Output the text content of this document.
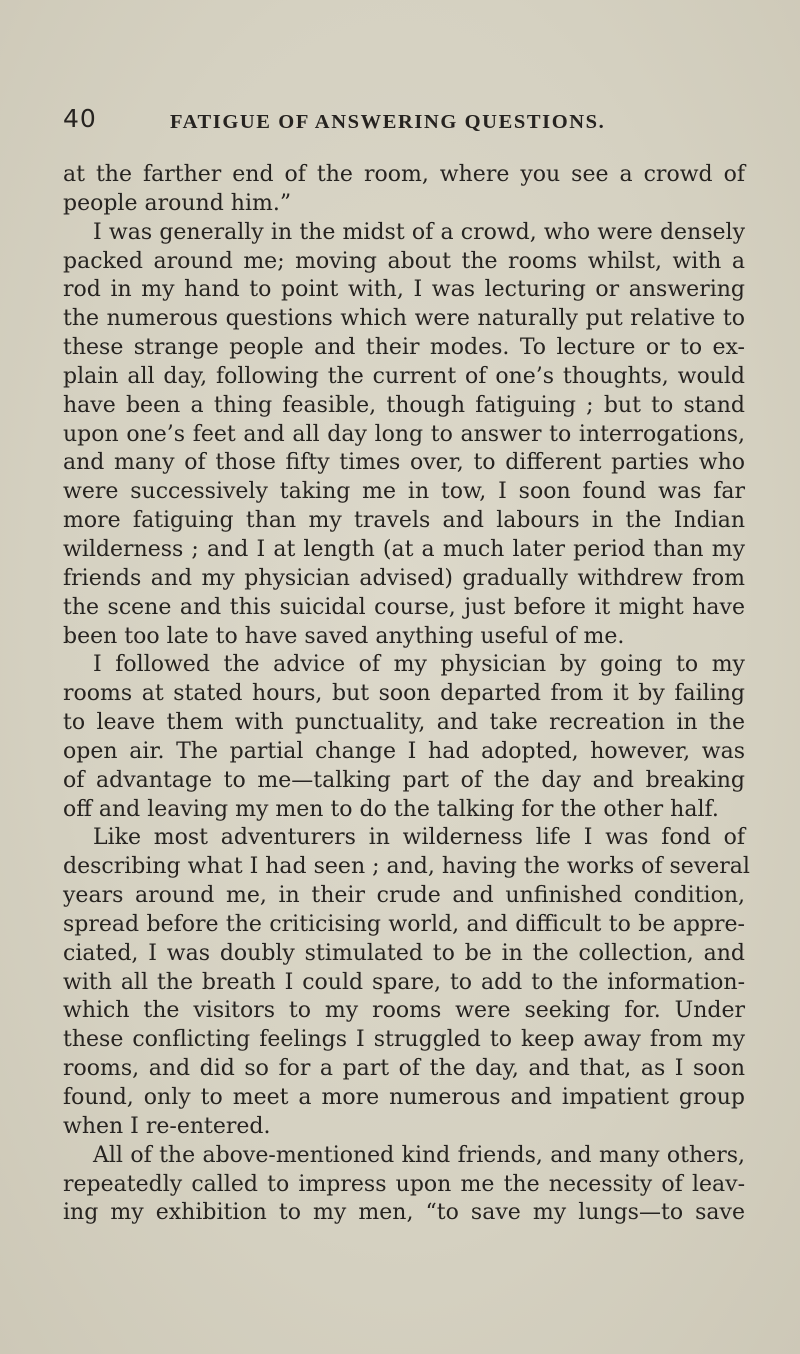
40	FATIGUE OF ANSWERING QUESTIONS.
at the farther end of the room, where you see a crowd of
people around him.”
I was generally in the midst of a crowd, who were densely
packed around me; moving about the rooms whilst, with a
rod in my hand to point with, I was lecturing or answering
the numerous questions which were naturally put relative to
these strange people and their modes. To lecture or to ex-
plain all day, following the current of one’s thoughts, would
have been a thing feasible, though fatiguing ; but to stand
upon one’s feet and all day long to answer to interrogations,
and many of those fifty times over, to different parties who
were successively taking me in tow, I soon found was far
more fatiguing than my travels and labours in the Indian
wilderness ; and I at length (at a much later period than my
friends and my physician advised) gradually withdrew from
the scene and this suicidal course, just before it might have
been too late to have saved anything useful of me.
I followed the advice of my physician by going to my
rooms at stated hours, but soon departed from it by failing
to leave them with punctuality, and take recreation in the
open air. The partial change I had adopted, however, was
of advantage to me—talking part of the day and breaking
off and leaving my men to do the talking for the other half.
Like most adventurers in wilderness life I was fond of
describing what I had seen ; and, having the works of several
years around me, in their crude and unfinished condition,
spread before the criticising world, and difficult to be appre-
ciated, I was doubly stimulated to be in the collection, and
with all the breath I could spare, to add to the information-
which the visitors to my rooms were seeking for. Under
these conflicting feelings I struggled to keep away from my
rooms, and did so for a part of the day, and that, as I soon
found, only to meet a more numerous and impatient group
when I re-entered.
All of the above-mentioned kind friends, and many others,
repeatedly called to impress upon me the necessity of leav-
ing my exhibition to my men, “to save my lungs—to save
